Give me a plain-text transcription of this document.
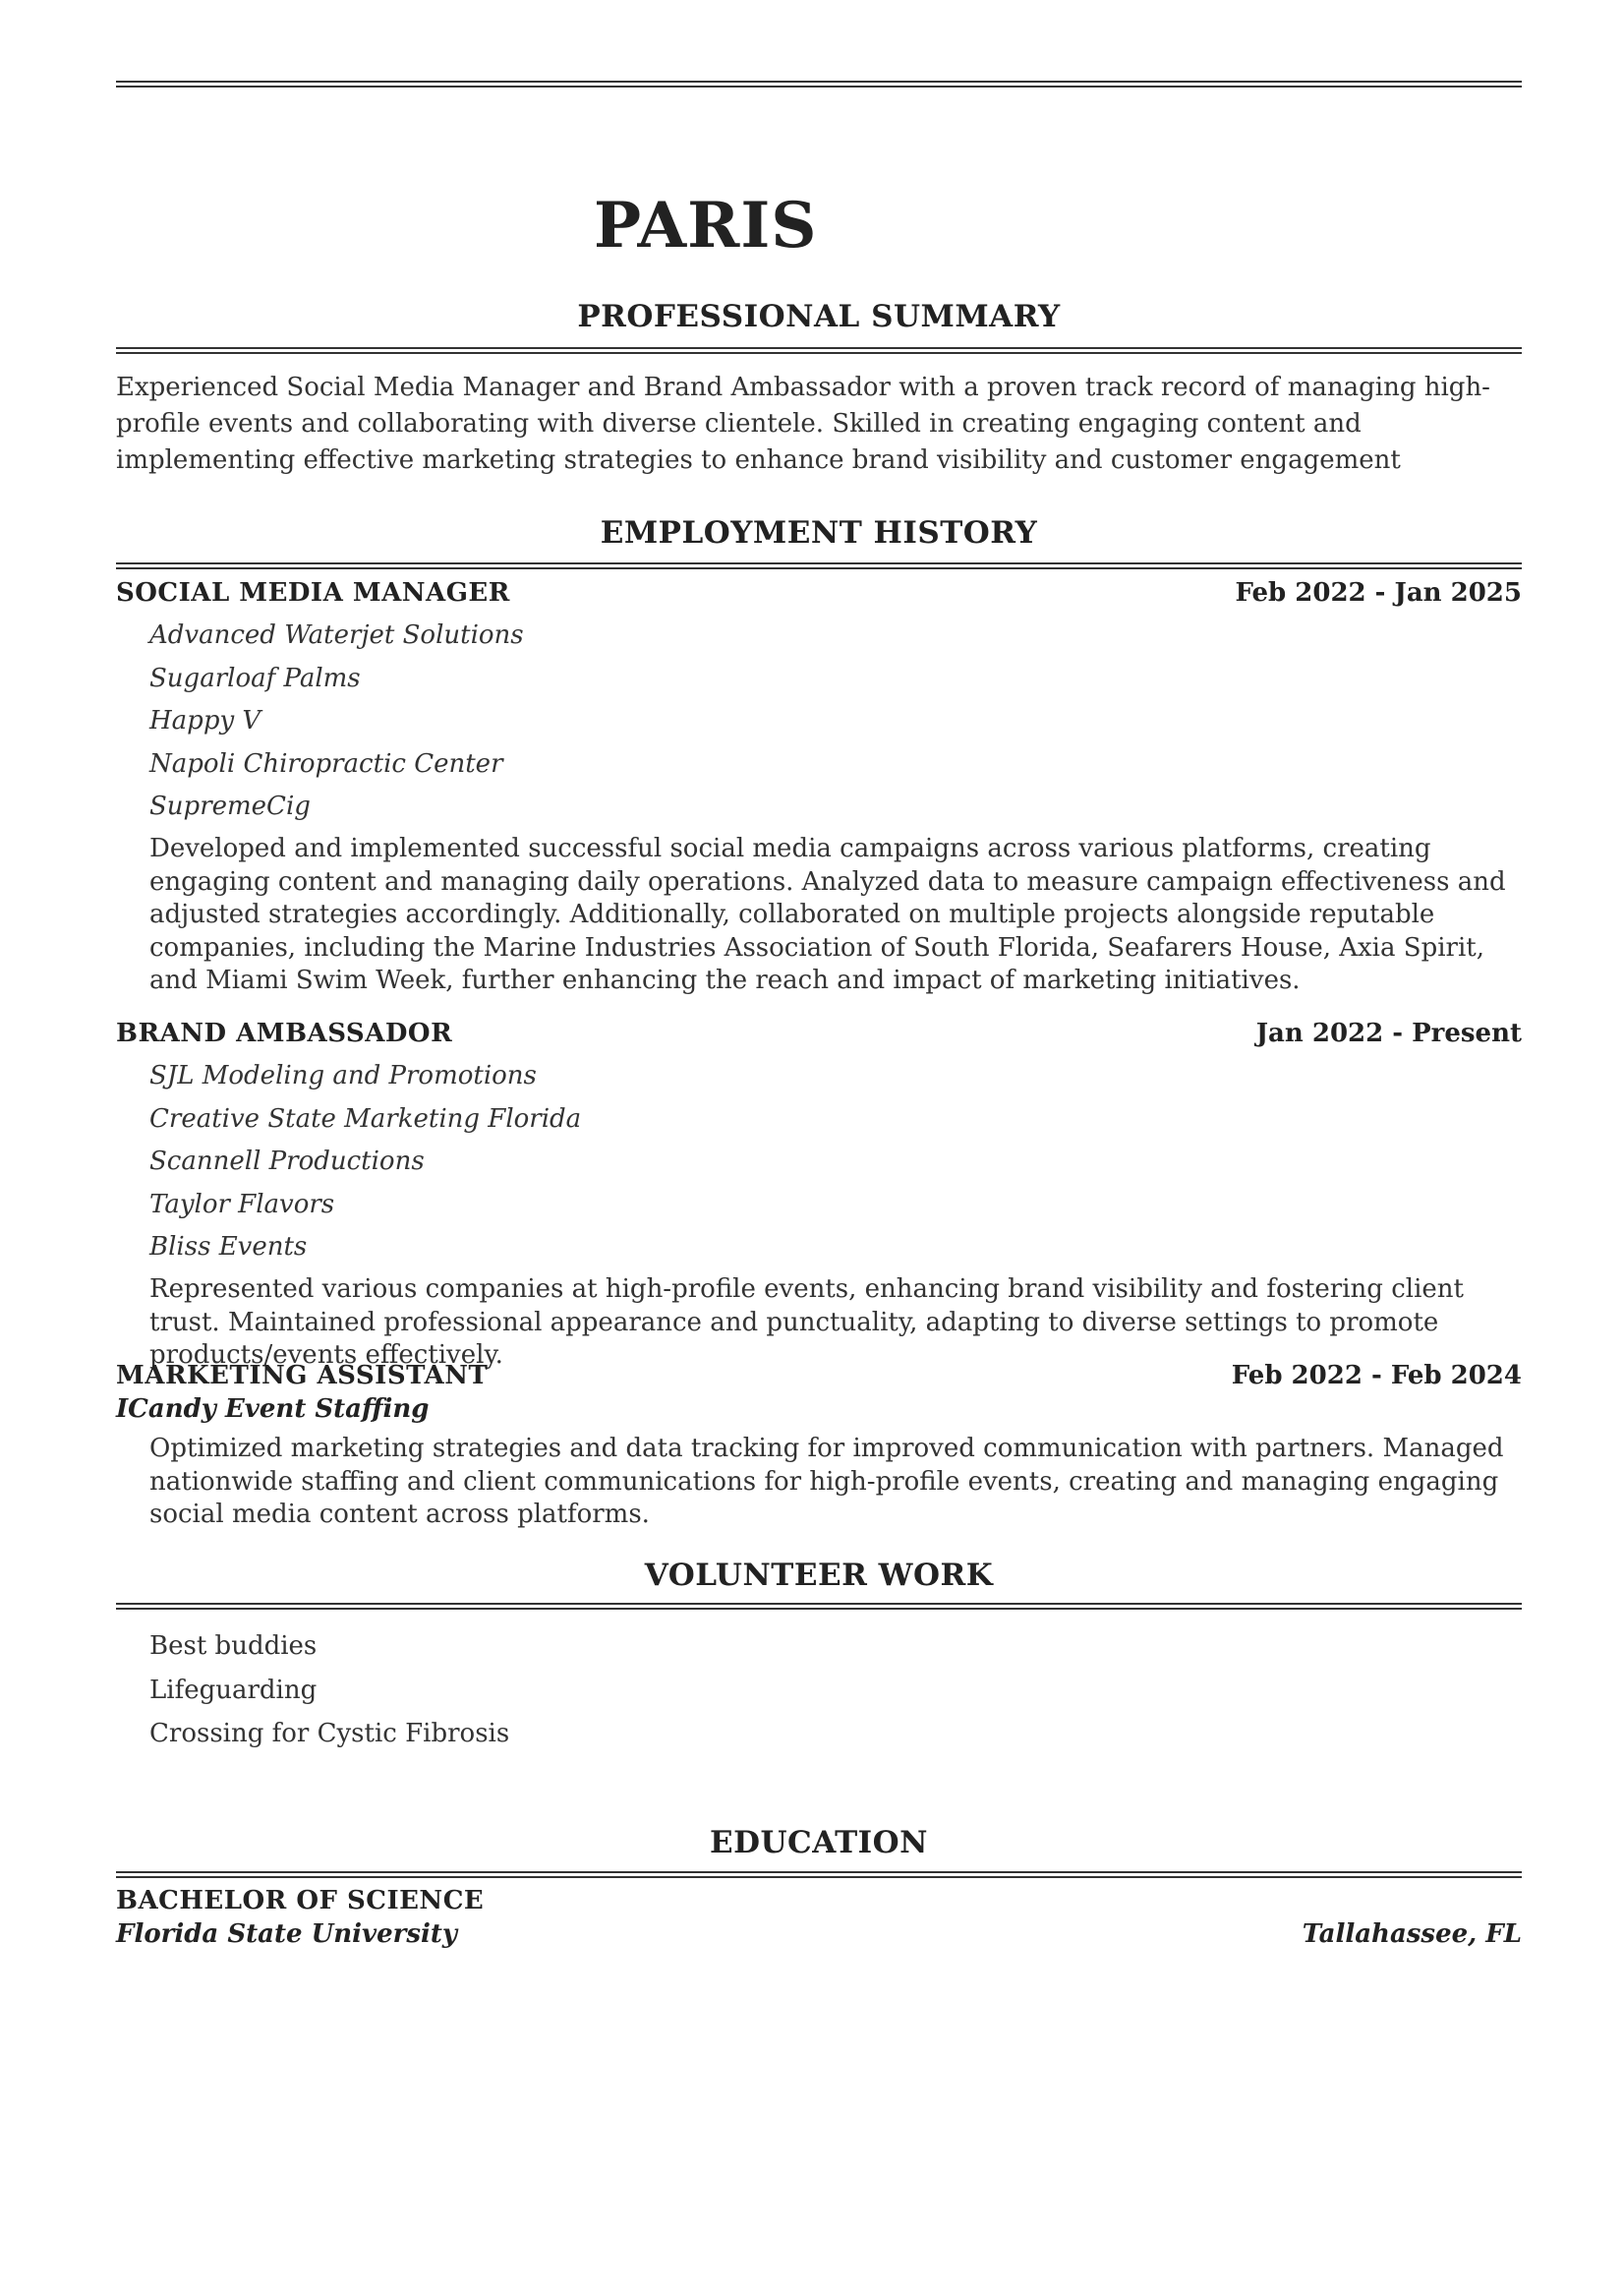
PARIS
PROFESSIONAL SUMMARY
Experienced Social Media Manager and Brand Ambassador with a proven track record of managing high-profile events and collaborating with diverse clientele. Skilled in creating engaging content and implementing effective marketing strategies to enhance brand visibility and customer engagement
EMPLOYMENT HISTORY
SOCIAL MEDIA MANAGER	Feb 2022 - Jan 2025
Advanced Waterjet Solutions
Sugarloaf Palms
Happy V
Napoli Chiropractic Center
SupremeCig
Developed and implemented successful social media campaigns across various platforms, creating engaging content and managing daily operations. Analyzed data to measure campaign effectiveness and adjusted strategies accordingly. Additionally, collaborated on multiple projects alongside reputable companies, including the Marine Industries Association of South Florida, Seafarers House, Axia Spirit, and Miami Swim Week, further enhancing the reach and impact of marketing initiatives.
BRAND AMBASSADOR	Jan 2022 - Present
SJL Modeling and Promotions
Creative State Marketing Florida
Scannell Productions
Taylor Flavors
Bliss Events
Represented various companies at high-profile events, enhancing brand visibility and fostering client trust. Maintained professional appearance and punctuality, adapting to diverse settings to promote products/events effectively.
MARKETING ASSISTANT	Feb 2022 - Feb 2024
ICandy Event Staffing
Optimized marketing strategies and data tracking for improved communication with partners. Managed nationwide staffing and client communications for high-profile events, creating and managing engaging social media content across platforms.
VOLUNTEER WORK
Best buddies
Lifeguarding
Crossing for Cystic Fibrosis
EDUCATION
BACHELOR OF SCIENCE
Florida State University	Tallahassee, FL
